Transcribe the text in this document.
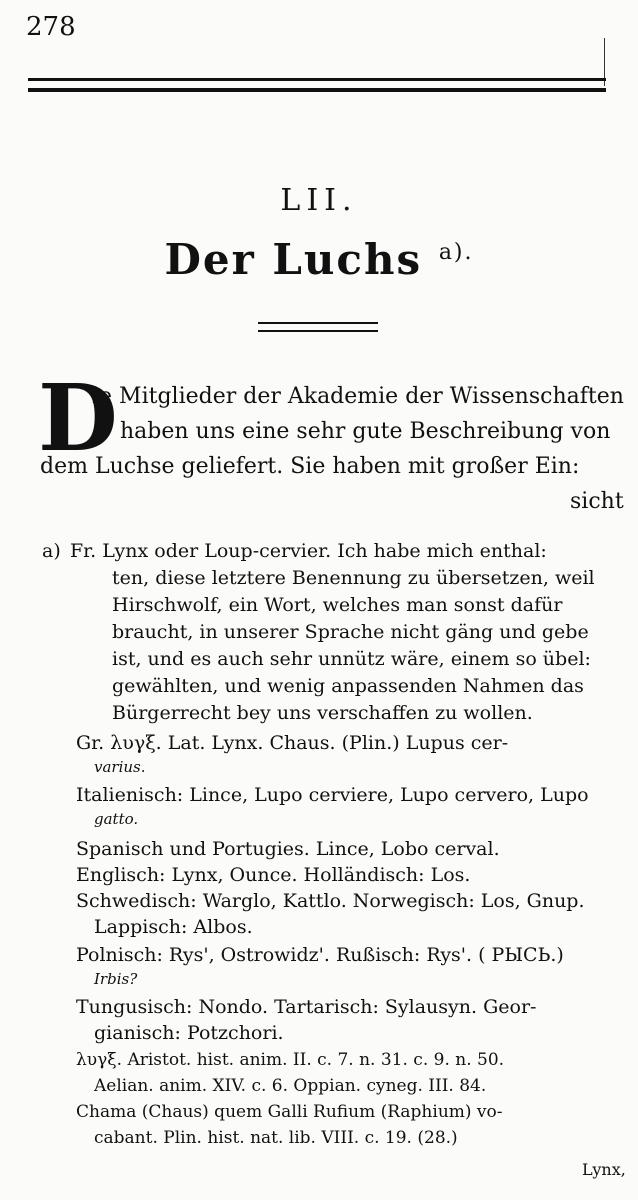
278
LII.
Der Luchs $^{a).}$
D
ie Mitglieder der Akademie der Wissenschaften
haben uns eine sehr gute Beschreibung von
dem Luchse geliefert. Sie haben mit großer Ein:
sicht
a) Fr. Lynx oder Loup-cervier. Ich habe mich enthal:
ten, diese letztere Benennung zu übersetzen, weil
Hirschwolf, ein Wort, welches man sonst dafür
braucht, in unserer Sprache nicht gäng und gebe
ist, und es auch sehr unnütz wäre, einem so übel:
gewählten, und wenig anpassenden Nahmen das
Bürgerrecht bey uns verschaffen zu wollen.
Gr. λυγξ. Lat. Lynx. Chaus. (Plin.) Lupus cer-
varius.
Italienisch: Lince, Lupo cerviere, Lupo cervero, Lupo
gatto.
Spanisch und Portugies. Lince, Lobo cerval.
Englisch: Lynx, Ounce. Holländisch: Los.
Schwedisch: Warglo, Kattlo. Norwegisch: Los, Gnup.
Lappisch: Albos.
Polnisch: Rys', Ostrowidz'. Rußisch: Rys'. ( РЫСЬ.)
Irbis?
Tungusisch: Nondo. Tartarisch: Sylausyn. Geor-
gianisch: Potzchori.
λυγξ. Aristot. hist. anim. II. c. 7. n. 31. c. 9. n. 50.
Aelian. anim. XIV. c. 6. Oppian. cyneg. III. 84.
Chama (Chaus) quem Galli Rufium (Raphium) vo-
cabant. Plin. hist. nat. lib. VIII. c. 19. (28.)
Lynx,
